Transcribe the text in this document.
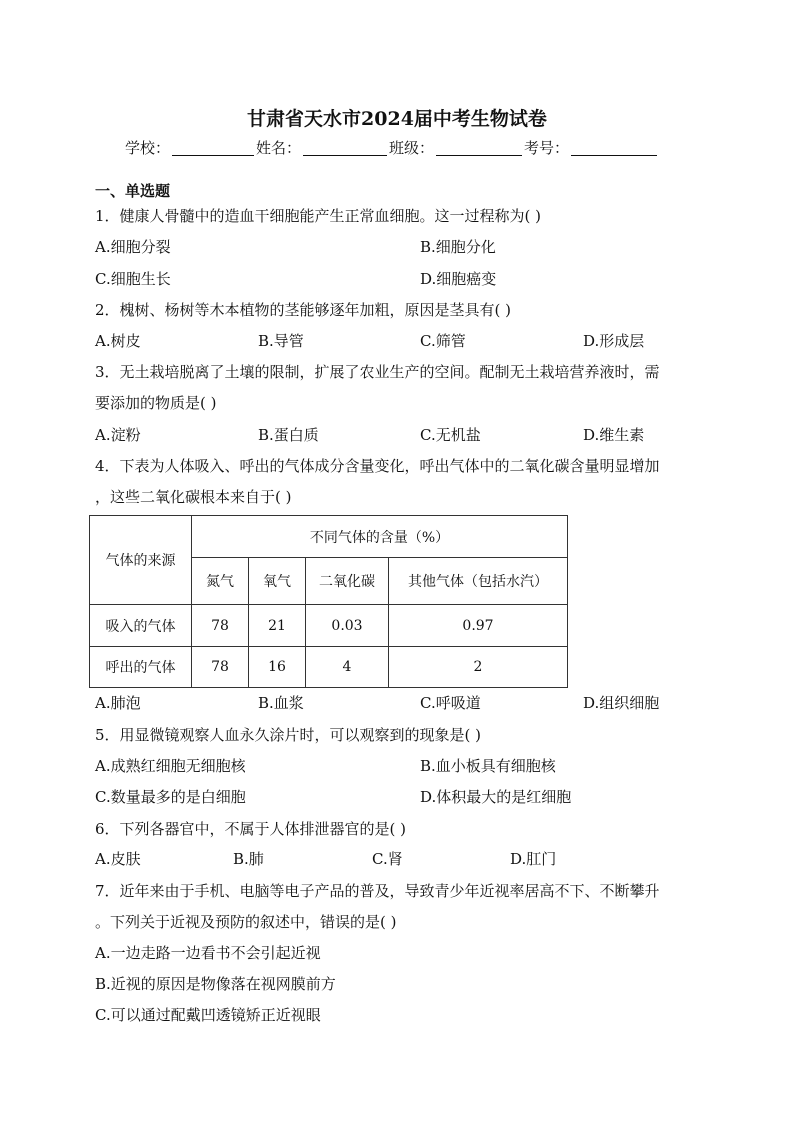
甘肃省天水市2024届中考生物试卷
学校：	姓名：	班级：	考号：
一、单选题
1．健康人骨髓中的造血干细胞能产生正常血细胞。这一过程称为( )
A.细胞分裂	B.细胞分化
C.细胞生长	D.细胞癌变
2．槐树、杨树等木本植物的茎能够逐年加粗，原因是茎具有( )
A.树皮	B.导管	C.筛管	D.形成层
3．无土栽培脱离了土壤的限制，扩展了农业生产的空间。配制无土栽培营养液时，需
要添加的物质是( )
A.淀粉	B.蛋白质	C.无机盐	D.维生素
4．下表为人体吸入、呼出的气体成分含量变化，呼出气体中的二氧化碳含量明显增加
，这些二氧化碳根本来自于( )
气体的来源	不同气体的含量（%）			
	氮气	氧气	二氧化碳	其他气体（包括水汽）
吸入的气体	78	21	0.03	0.97
呼出的气体	78	16	4	2
A.肺泡	B.血浆	C.呼吸道	D.组织细胞
5．用显微镜观察人血永久涂片时，可以观察到的现象是( )
A.成熟红细胞无细胞核	B.血小板具有细胞核
C.数量最多的是白细胞	D.体积最大的是红细胞
6．下列各器官中，不属于人体排泄器官的是( )
A.皮肤	B.肺	C.肾	D.肛门
7．近年来由于手机、电脑等电子产品的普及，导致青少年近视率居高不下、不断攀升
。下列关于近视及预防的叙述中，错误的是( )
A.一边走路一边看书不会引起近视
B.近视的原因是物像落在视网膜前方
C.可以通过配戴凹透镜矫正近视眼
